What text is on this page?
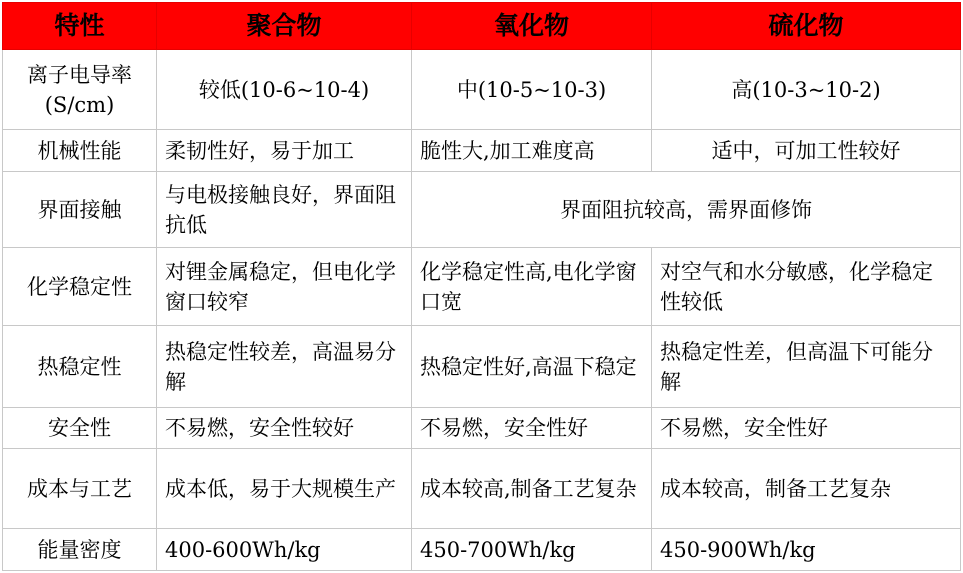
特性	聚合物	氧化物	硫化物
离子电导率(S/cm)	较低(10-6~10-4)	中(10-5~10-3)	高(10-3~10-2)
机械性能	柔韧性好，易于加工	脆性大,加工难度高	适中，可加工性较好
界面接触	与电极接触良好，界面阻抗低	界面阻抗较高，需界面修饰	
化学稳定性	对锂金属稳定，但电化学窗口较窄	化学稳定性高,电化学窗口宽	对空气和水分敏感，化学稳定性较低
热稳定性	热稳定性较差，高温易分解	热稳定性好,高温下稳定	热稳定性差，但高温下可能分解
安全性	不易燃，安全性较好	不易燃，安全性好	不易燃，安全性好
成本与工艺	成本低，易于大规模生产	成本较高,制备工艺复杂	成本较高，制备工艺复杂
能量密度	400-600Wh/kg	450-700Wh/kg	450-900Wh/kg
